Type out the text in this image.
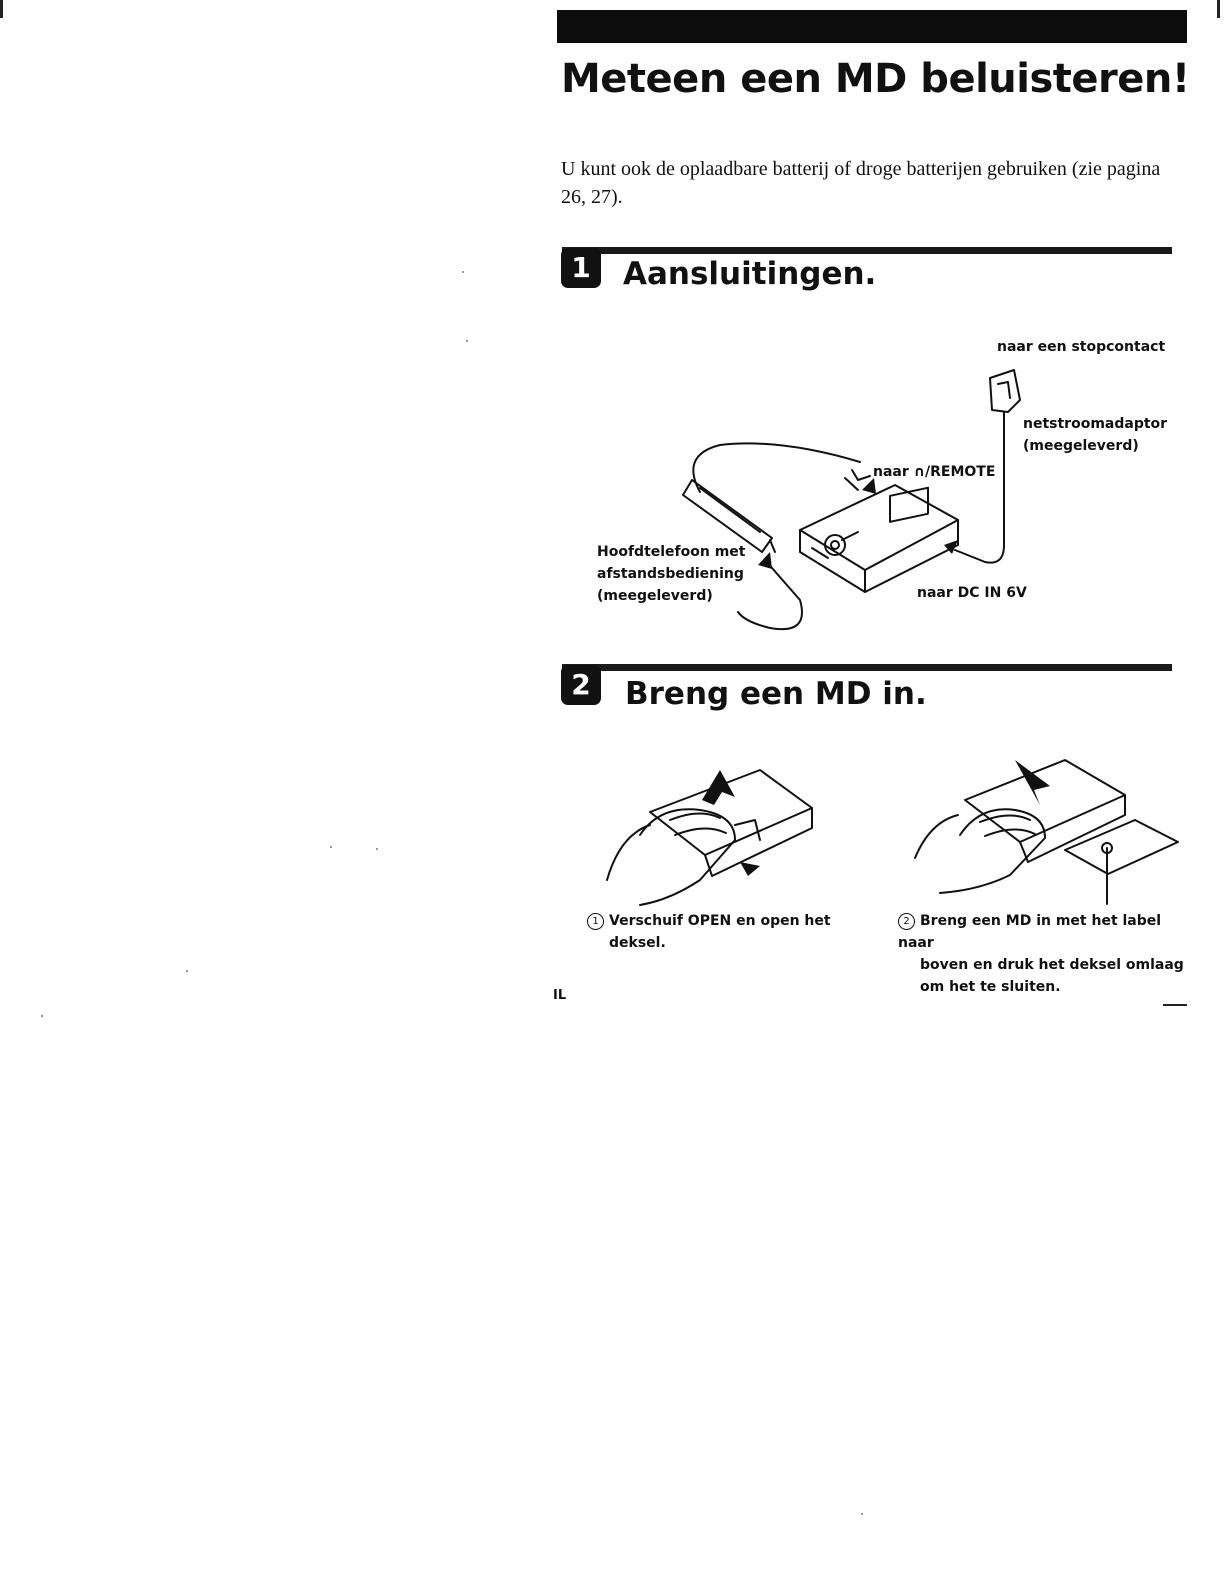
Meteen een MD beluisteren!

U kunt ook de oplaadbare batterij of droge batterijen gebruiken (zie pagina 26, 27).

1	Aansluitingen.
naar een stopcontact
netstroomadaptor
(meegeleverd)
naar ∩/REMOTE
Hoofdtelefoon met
afstandsbediening
(meegeleverd)	naar DC IN 6V
2	Breng een MD in.
1 Verschuif OPEN en open het
deksel.
2 Breng een MD in met het label naar
boven en druk het deksel omlaag
om het te sluiten.
IL
